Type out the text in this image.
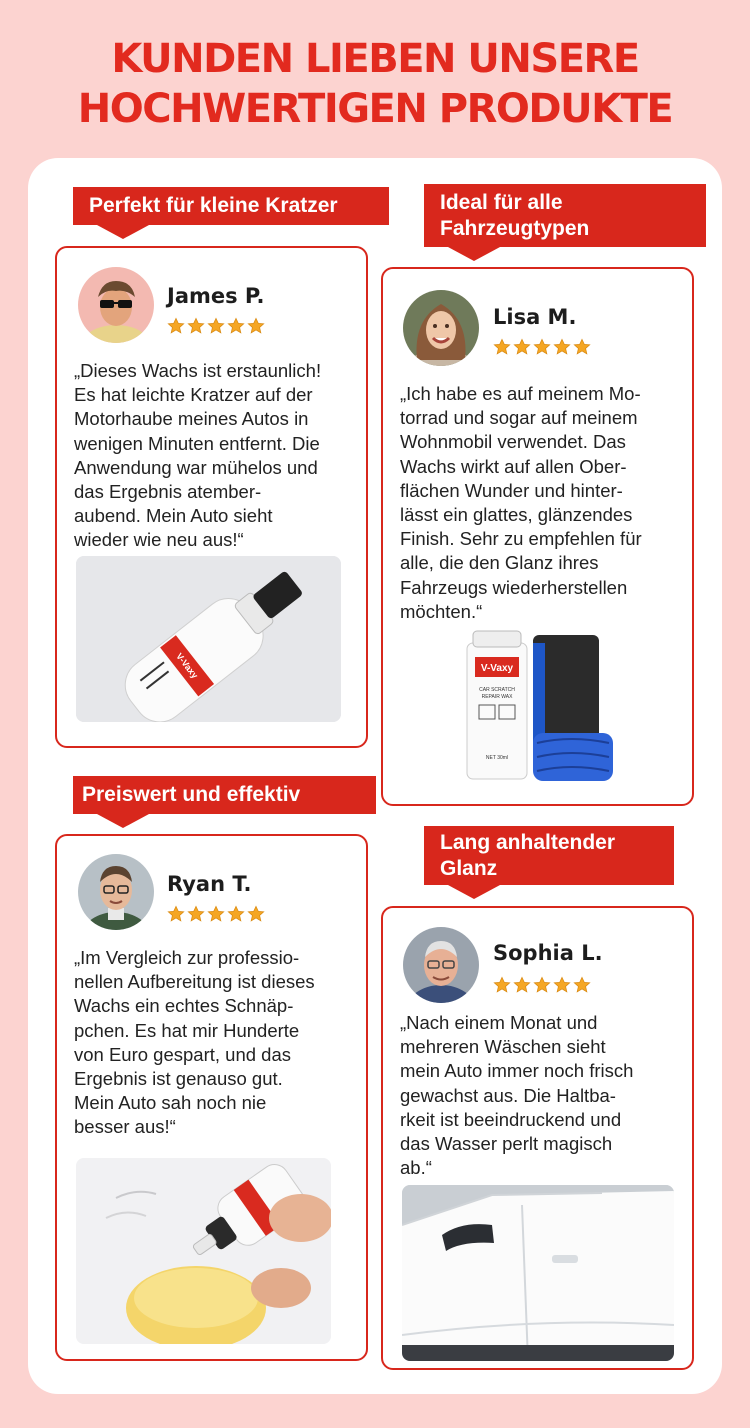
KUNDEN LIEBEN UNSERE
HOCHWERTIGEN PRODUKTE
Perfekt für kleine Kratzer
James P.
„Dieses Wachs ist erstaunlich!
Es hat leichte Kratzer auf der
Motorhaube meines Autos in
wenigen Minuten entfernt. Die
Anwendung war mühelos und
das Ergebnis atember-
aubend. Mein Auto sieht
wieder wie neu aus!“
V-Vaxy
Ideal für alle
Fahrzeugtypen
Lisa M.
„Ich habe es auf meinem Mo-
torrad und sogar auf meinem
Wohnmobil verwendet. Das
Wachs wirkt auf allen Ober-
flächen Wunder und hinter-
lässt ein glattes, glänzendes
Finish. Sehr zu empfehlen für
alle, die den Glanz ihres
Fahrzeugs wiederherstellen
möchten.“
V-Vaxy
CAR SCRATCH
REPAIR WAX
NET 30ml
Preiswert und effektiv
Ryan T.
„Im Vergleich zur professio-
nellen Aufbereitung ist dieses
Wachs ein echtes Schnäp-
pchen. Es hat mir Hunderte
von Euro gespart, und das
Ergebnis ist genauso gut.
Mein Auto sah noch nie
besser aus!“
Lang anhaltender
Glanz
Sophia L.
„Nach einem Monat und
mehreren Wäschen sieht
mein Auto immer noch frisch
gewachst aus. Die Haltba-
rkeit ist beeindruckend und
das Wasser perlt magisch
ab.“
